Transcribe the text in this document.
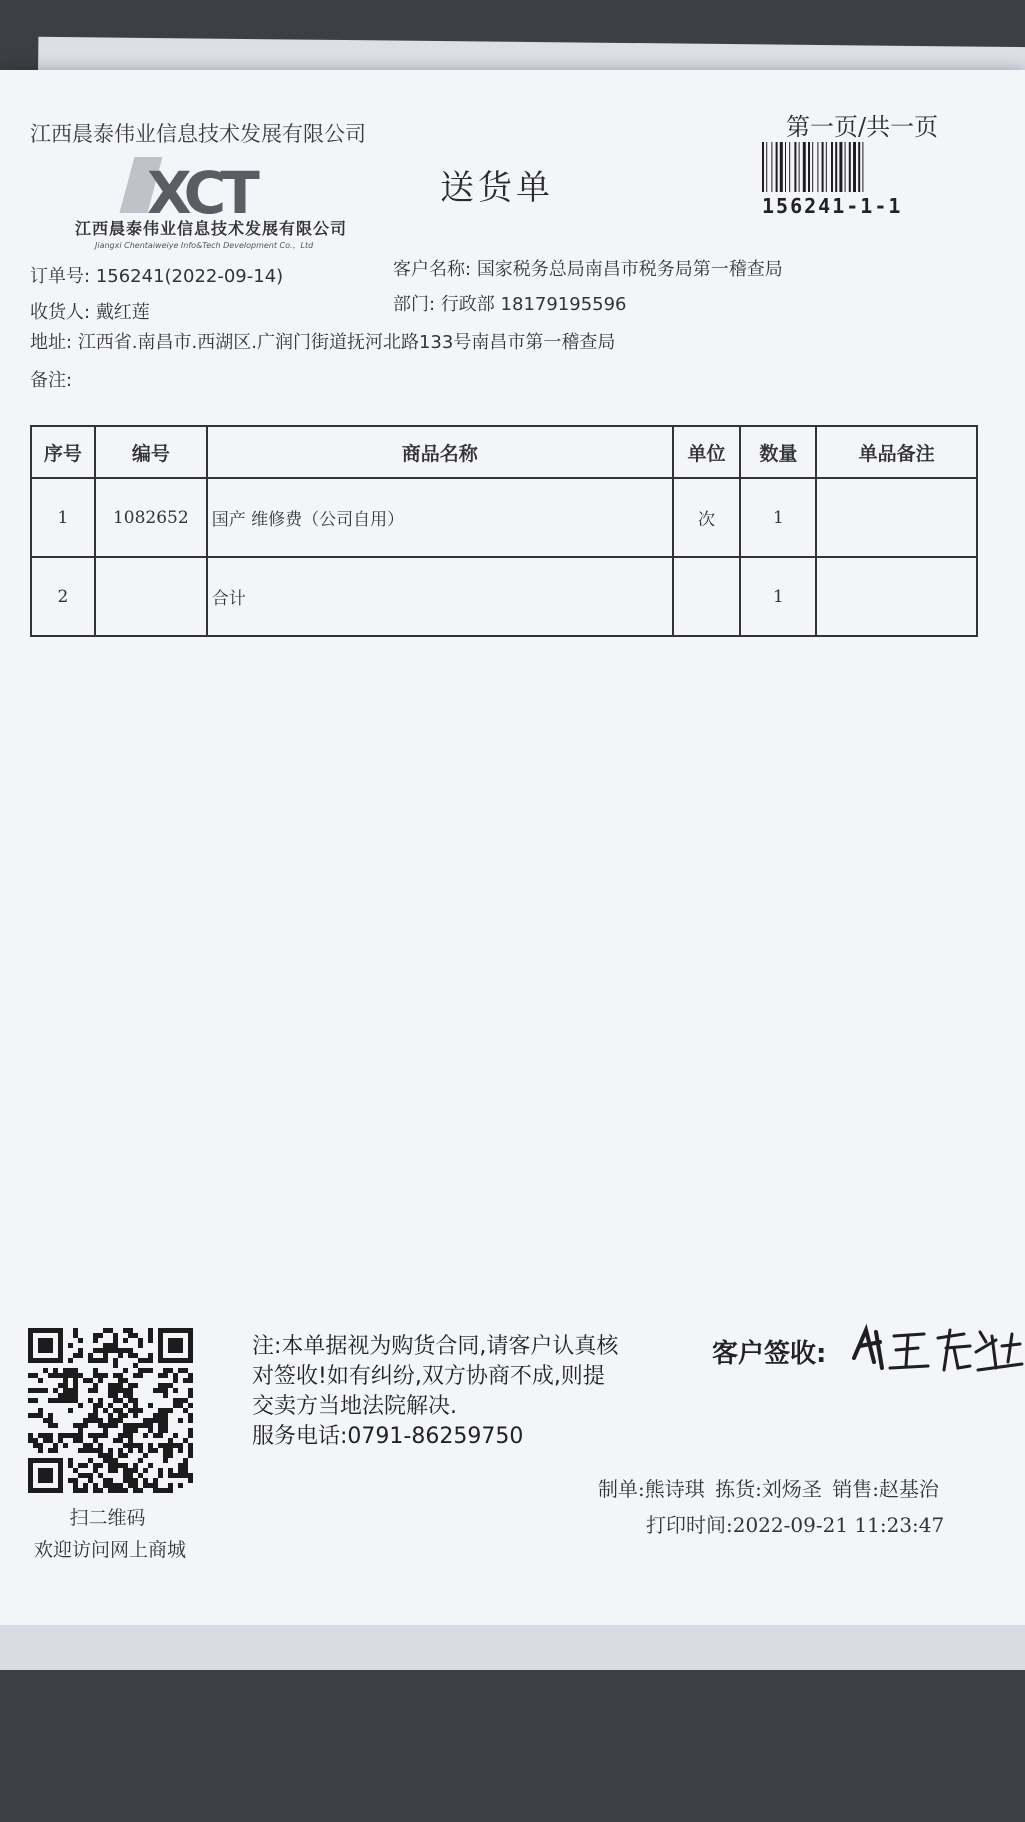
江西晨泰伟业信息技术发展有限公司
XCT
江西晨泰伟业信息技术发展有限公司
Jiangxi Chentaiweiye Info&Tech Development Co.，Ltd
送货单
第一页/共一页
156241-1-1
订单号: 156241(2022-09-14)	客户名称: 国家税务总局南昌市税务局第一稽查局
收货人: 戴红莲	部门: 行政部 18179195596
地址: 江西省.南昌市.西湖区.广润门街道抚河北路133号南昌市第一稽查局
备注:
序号	编号	商品名称	单位	数量	单品备注
1	1082652	国产 维修费（公司自用）	次	1	
2		合计		1	
扫二维码
欢迎访问网上商城
注:本单据视为购货合同,请客户认真核
对签收!如有纠纷,双方协商不成,则提
交卖方当地法院解决.
服务电话:0791-86259750
客户签收:
制单:熊诗琪 拣货:刘炀圣 销售:赵基治
打印时间:2022-09-21 11:23:47
